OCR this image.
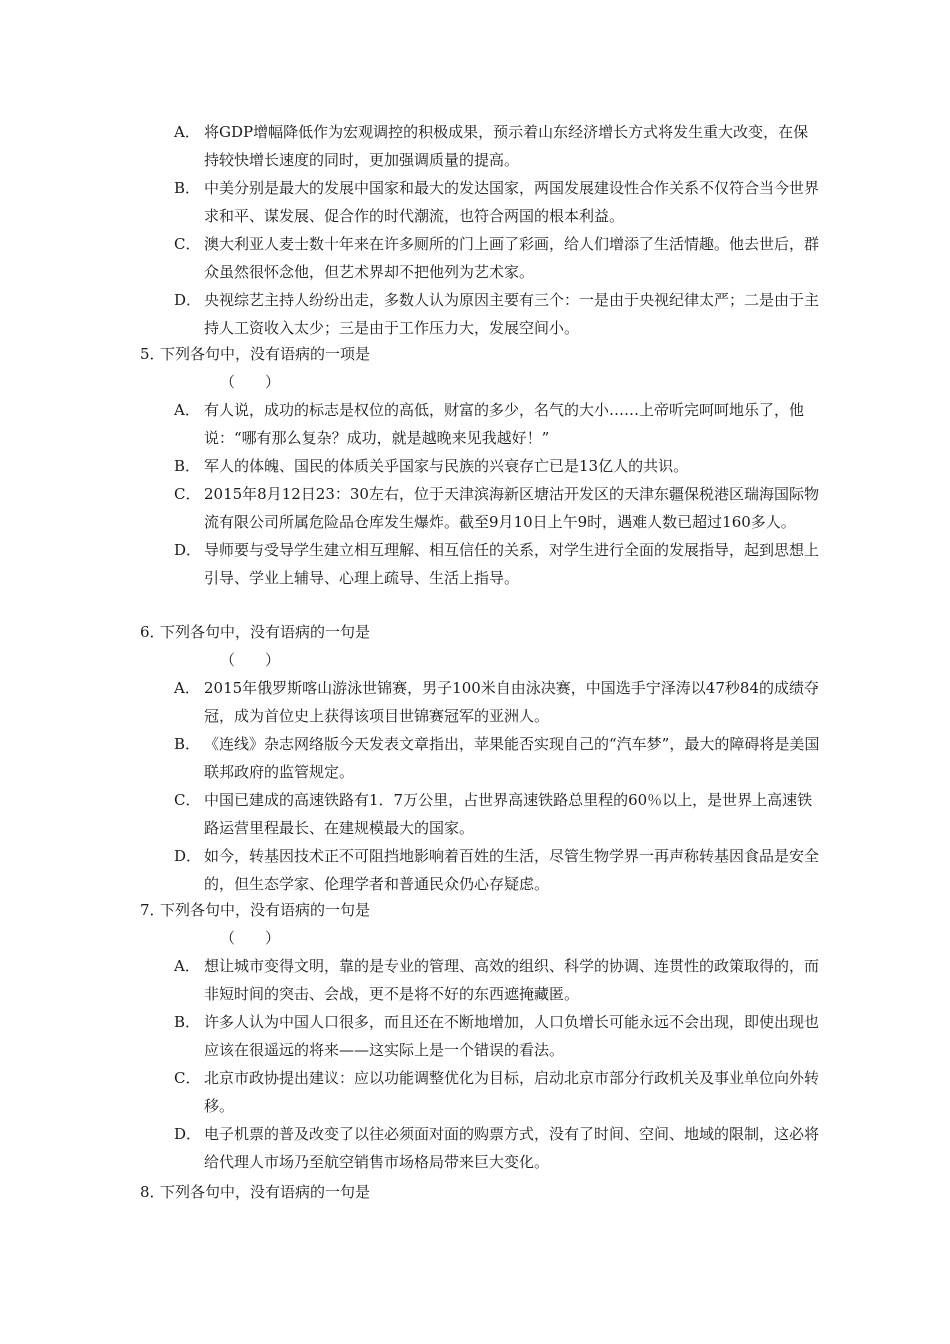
A． 将GDP增幅降低作为宏观调控的积极成果，预示着山东经济增长方式将发生重大改变，在保持较快增长速度的同时，更加强调质量的提高。
B． 中美分别是最大的发展中国家和最大的发达国家，两国发展建设性合作关系不仅符合当今世界求和平、谋发展、促合作的时代潮流，也符合两国的根本利益。
C． 澳大利亚人麦士数十年来在许多厕所的门上画了彩画，给人们增添了生活情趣。他去世后，群众虽然很怀念他，但艺术界却不把他列为艺术家。
D． 央视综艺主持人纷纷出走，多数人认为原因主要有三个：一是由于央视纪律太严；二是由于主持人工资收入太少；三是由于工作压力大，发展空间小。
5．下列各句中，没有语病的一项是
（　　）
A． 有人说，成功的标志是权位的高低，财富的多少，名气的大小……上帝听完呵呵地乐了，他说：“哪有那么复杂？成功，就是越晚来见我越好！”
B． 军人的体魄、国民的体质关乎国家与民族的兴衰存亡已是13亿人的共识。
C． 2015年8月12日23：30左右，位于天津滨海新区塘沽开发区的天津东疆保税港区瑞海国际物流有限公司所属危险品仓库发生爆炸。截至9月10日上午9时，遇难人数已超过160多人。
D． 导师要与受导学生建立相互理解、相互信任的关系，对学生进行全面的发展指导，起到思想上引导、学业上辅导、心理上疏导、生活上指导。
6．下列各句中，没有语病的一句是
（　　）
A． 2015年俄罗斯喀山游泳世锦赛，男子100米自由泳决赛，中国选手宁泽涛以47秒84的成绩夺冠，成为首位史上获得该项目世锦赛冠军的亚洲人。
B． 《连线》杂志网络版今天发表文章指出，苹果能否实现自己的“汽车梦”，最大的障碍将是美国联邦政府的监管规定。
C． 中国已建成的高速铁路有1．7万公里，占世界高速铁路总里程的60％以上，是世界上高速铁路运营里程最长、在建规模最大的国家。
D． 如今，转基因技术正不可阻挡地影响着百姓的生活，尽管生物学界一再声称转基因食品是安全的，但生态学家、伦理学者和普通民众仍心存疑虑。
7．下列各句中，没有语病的一句是
（　　）
A． 想让城市变得文明，靠的是专业的管理、高效的组织、科学的协调、连贯性的政策取得的，而非短时间的突击、会战，更不是将不好的东西遮掩藏匿。
B． 许多人认为中国人口很多，而且还在不断地增加，人口负增长可能永远不会出现，即使出现也应该在很遥远的将来——这实际上是一个错误的看法。
C． 北京市政协提出建议：应以功能调整优化为目标，启动北京市部分行政机关及事业单位向外转移。
D． 电子机票的普及改变了以往必须面对面的购票方式，没有了时间、空间、地域的限制，这必将给代理人市场乃至航空销售市场格局带来巨大变化。
8．下列各句中，没有语病的一句是
